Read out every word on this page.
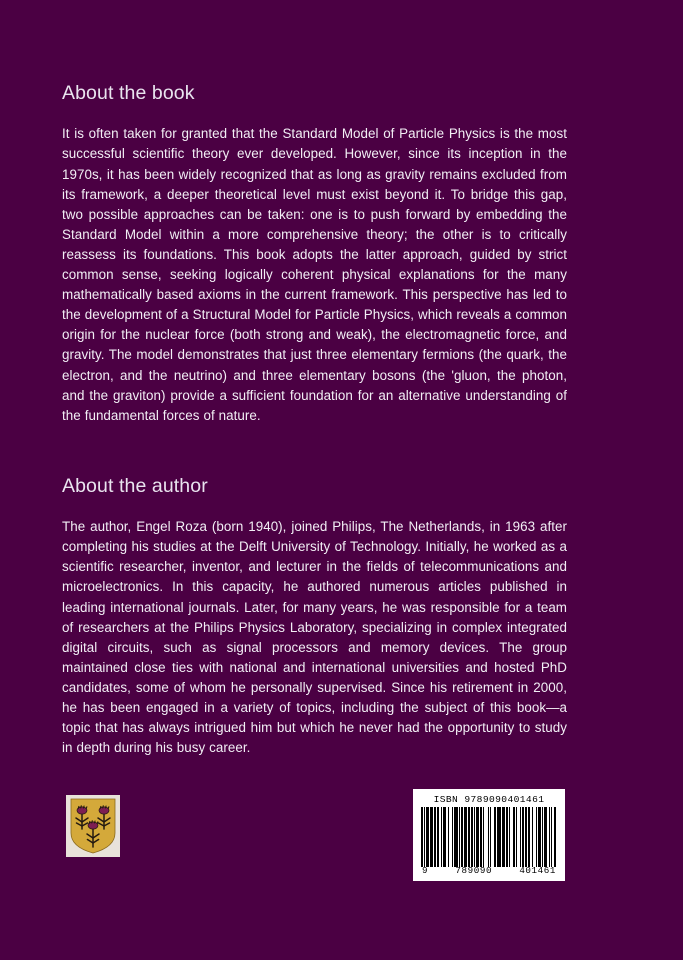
About the book

It is often taken for granted that the Standard Model of Particle Physics is the most successful scientific theory ever developed. However, since its inception in the 1970s, it has been widely recognized that as long as gravity remains excluded from its framework, a deeper theoretical level must exist beyond it. To bridge this gap, two possible approaches can be taken: one is to push forward by embedding the Standard Model within a more comprehensive theory; the other is to critically reassess its foundations. This book adopts the latter approach, guided by strict common sense, seeking logically coherent physical explanations for the many mathematically based axioms in the current framework. This perspective has led to the development of a Structural Model for Particle Physics, which reveals a common origin for the nuclear force (both strong and weak), the electromagnetic force, and gravity. The model demonstrates that just three elementary fermions (the quark, the electron, and the neutrino) and three elementary bosons (the 'gluon, the photon, and the graviton) provide a sufficient foundation for an alternative understanding of the fundamental forces of nature.

About the author

The author, Engel Roza (born 1940), joined Philips, The Netherlands, in 1963 after completing his studies at the Delft University of Technology. Initially, he worked as a scientific researcher, inventor, and lecturer in the fields of telecommunications and microelectronics. In this capacity, he authored numerous articles published in leading international journals. Later, for many years, he was responsible for a team of researchers at the Philips Physics Laboratory, specializing in complex integrated digital circuits, such as signal processors and memory devices. The group maintained close ties with national and international universities and hosted PhD candidates, some of whom he personally supervised. Since his retirement in 2000, he has been engaged in a variety of topics, including the subject of this book—a topic that has always intrigued him but which he never had the opportunity to study in depth during his busy career.

ISBN 9789090401461
9	789090	401461
